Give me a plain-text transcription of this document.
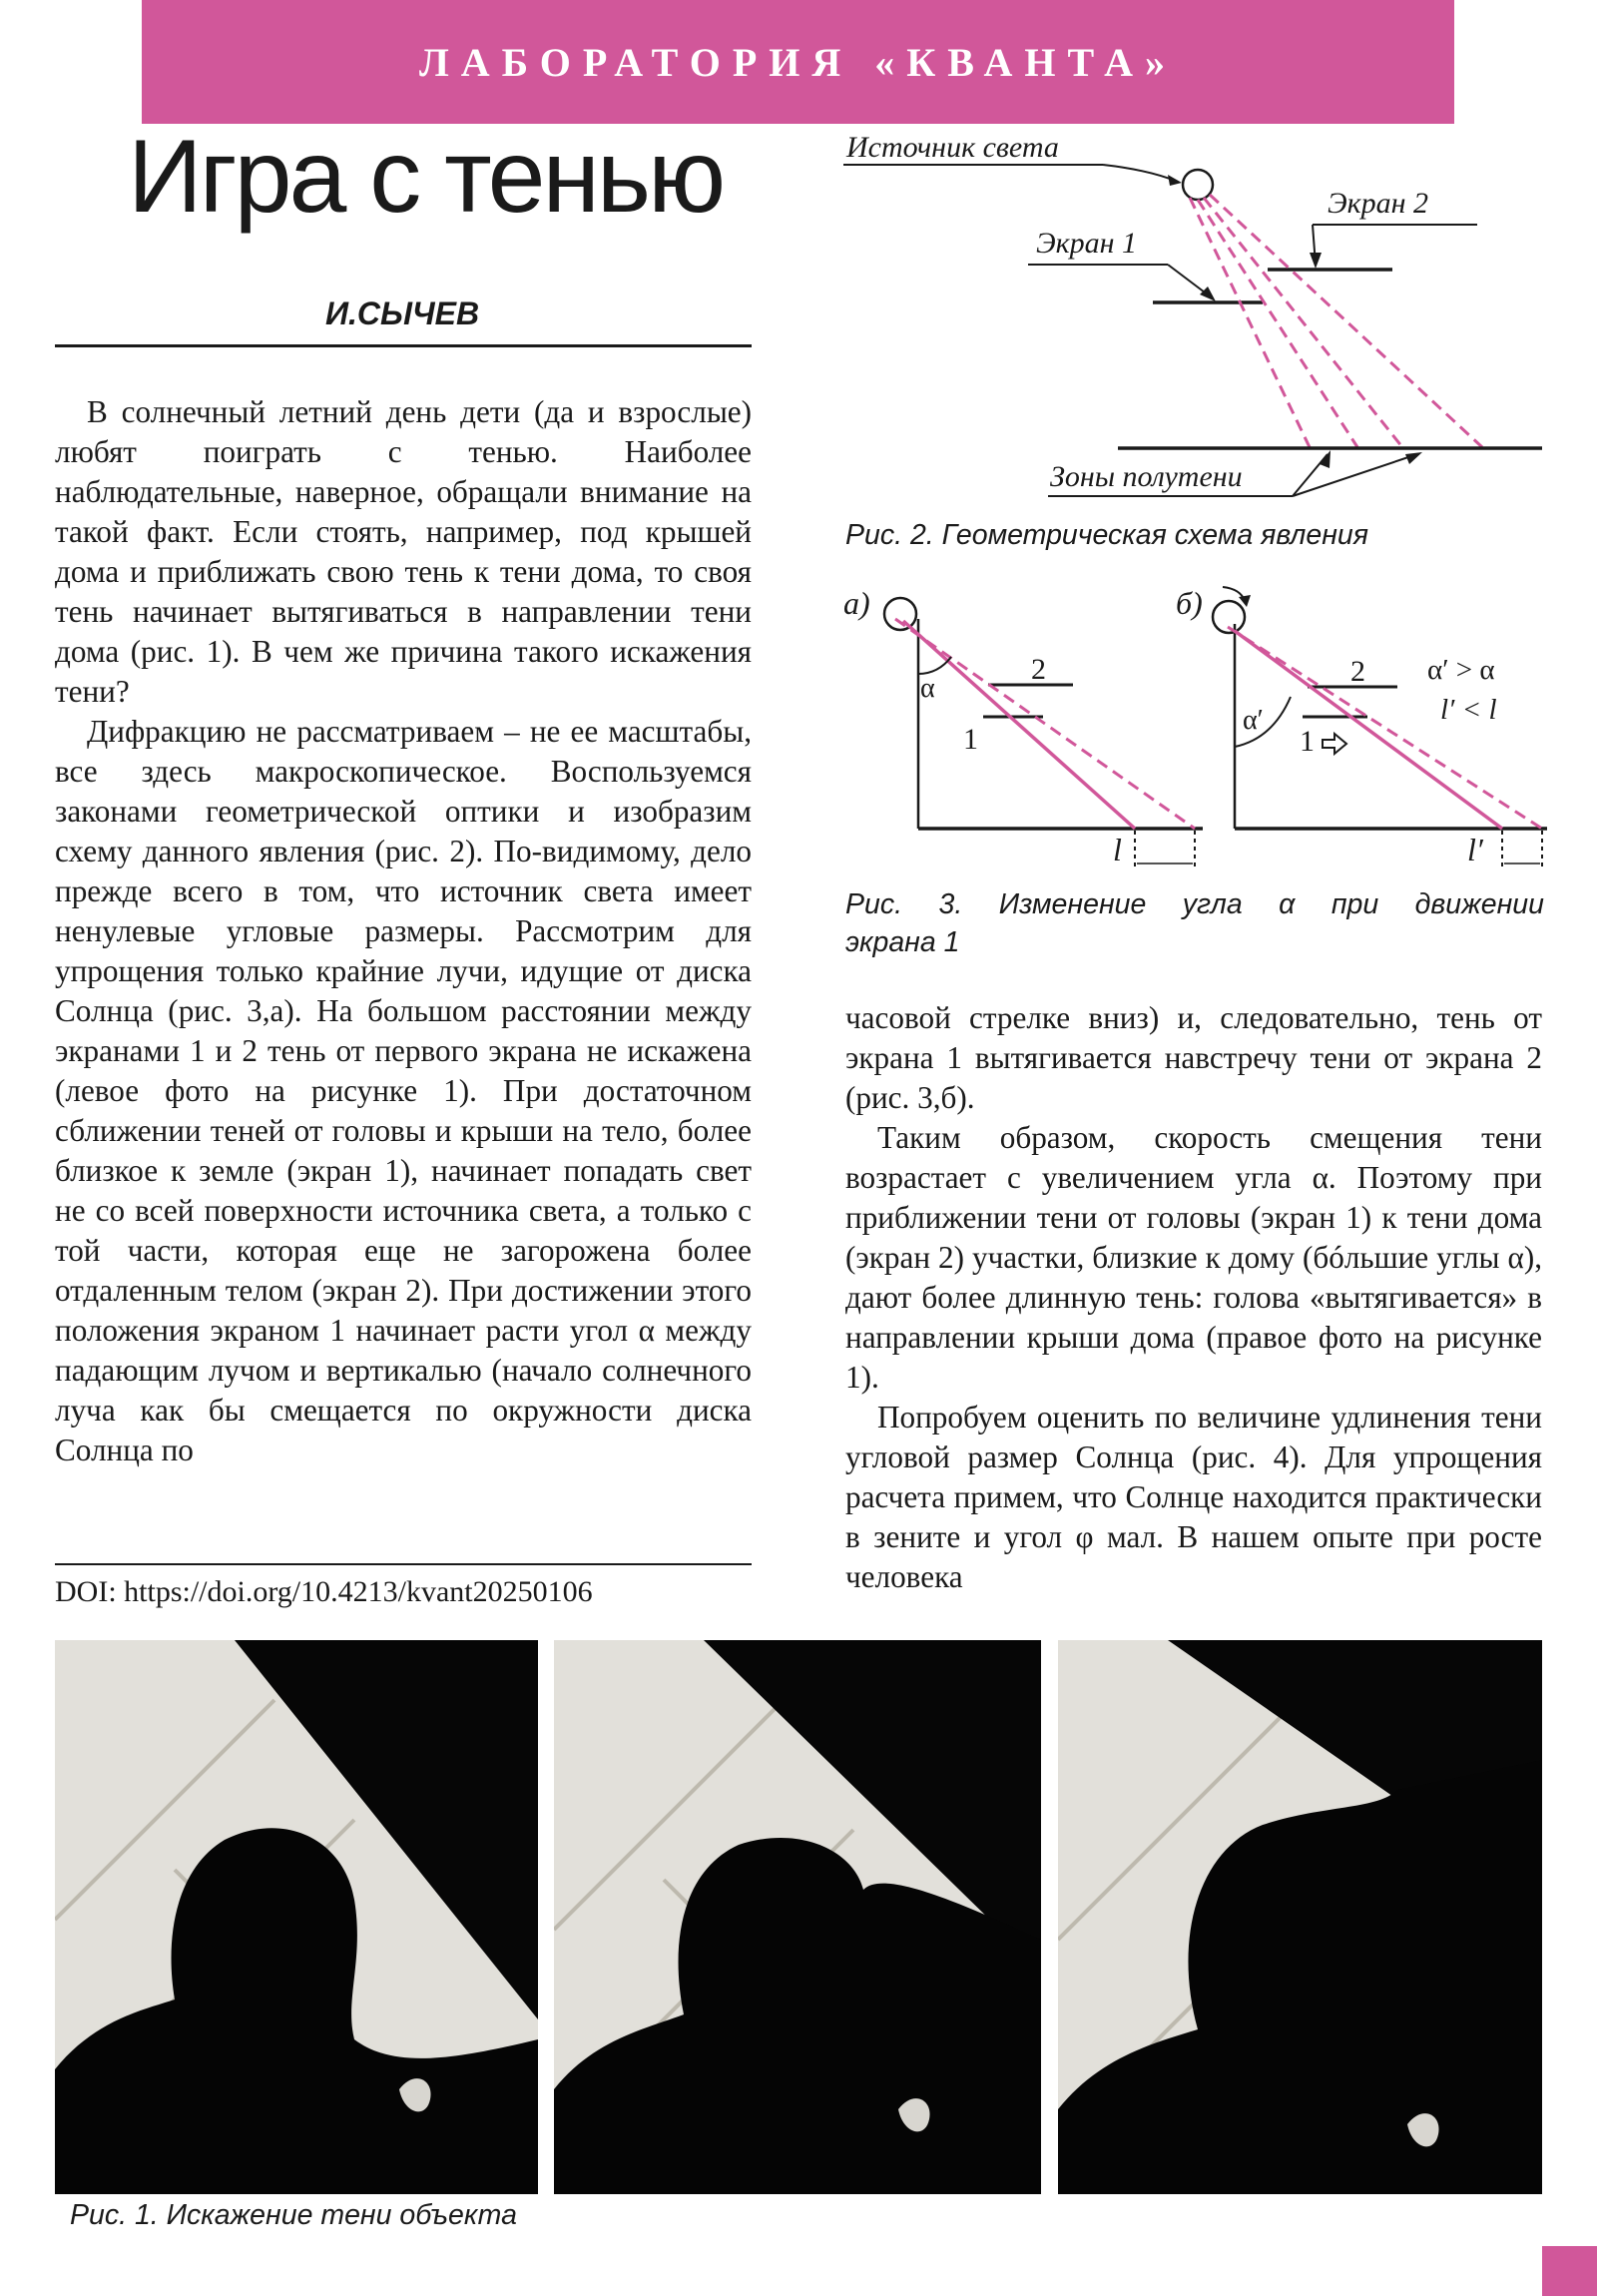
ЛАБОРАТОРИЯ «КВАНТА»
Игра с тенью
И.СЫЧЕВ

В солнечный летний день дети (да и взрослые) любят поиграть с тенью. Наиболее наблюдательные, наверное, обращали внимание на такой факт. Если стоять, например, под крышей дома и приближать свою тень к тени дома, то своя тень начинает вытягиваться в направлении тени дома (рис. 1). В чем же причина такого искажения тени?

Дифракцию не рассматриваем – не ее масштабы, все здесь макроскопическое. Воспользуемся законами геометрической оптики и изобразим схему данного явления (рис. 2). По-видимому, дело прежде всего в том, что источник света имеет ненулевые угловые размеры. Рассмотрим для упрощения только крайние лучи, идущие от диска Солнца (рис. 3,а). На большом расстоянии между экранами 1 и 2 тень от первого экрана не искажена (левое фото на рисунке 1). При достаточном сближении теней от головы и крыши на тело, более близкое к земле (экран 1), начинает попадать свет не со всей поверхности источника света, а только с той части, которая еще не загорожена более отдаленным телом (экран 2). При достижении этого положения экраном 1 начинает расти угол α между падающим лучом и вертикалью (начало солнечного луча как бы смещается по окружности диска Солнца по

DOI: https://doi.org/10.4213/kvant20250106
Источник света
Экран 2
Экран 1
Зоны полутени
Рис. 2. Геометрическая схема явления
а)
α
2
1
l
б)
α′
2
1
α′ > α
l′ < l
l′
Рис. 3. Изменение угла α при движении
экрана 1

часовой стрелке вниз) и, следовательно, тень от экрана 1 вытягивается навстречу тени от экрана 2 (рис. 3,б).

Таким образом, скорость смещения тени возрастает с увеличением угла α. Поэтому при приближении тени от головы (экран 1) к тени дома (экран 2) участки, близкие к дому (бóльшие углы α), дают более длинную тень: голова «вытягивается» в направлении крыши дома (правое фото на рисунке 1).

Попробуем оценить по величине удлинения тени угловой размер Солнца (рис. 4). Для упрощения расчета примем, что Солнце находится практически в зените и угол φ мал. В нашем опыте при росте человека

Рис. 1. Искажение тени объекта
